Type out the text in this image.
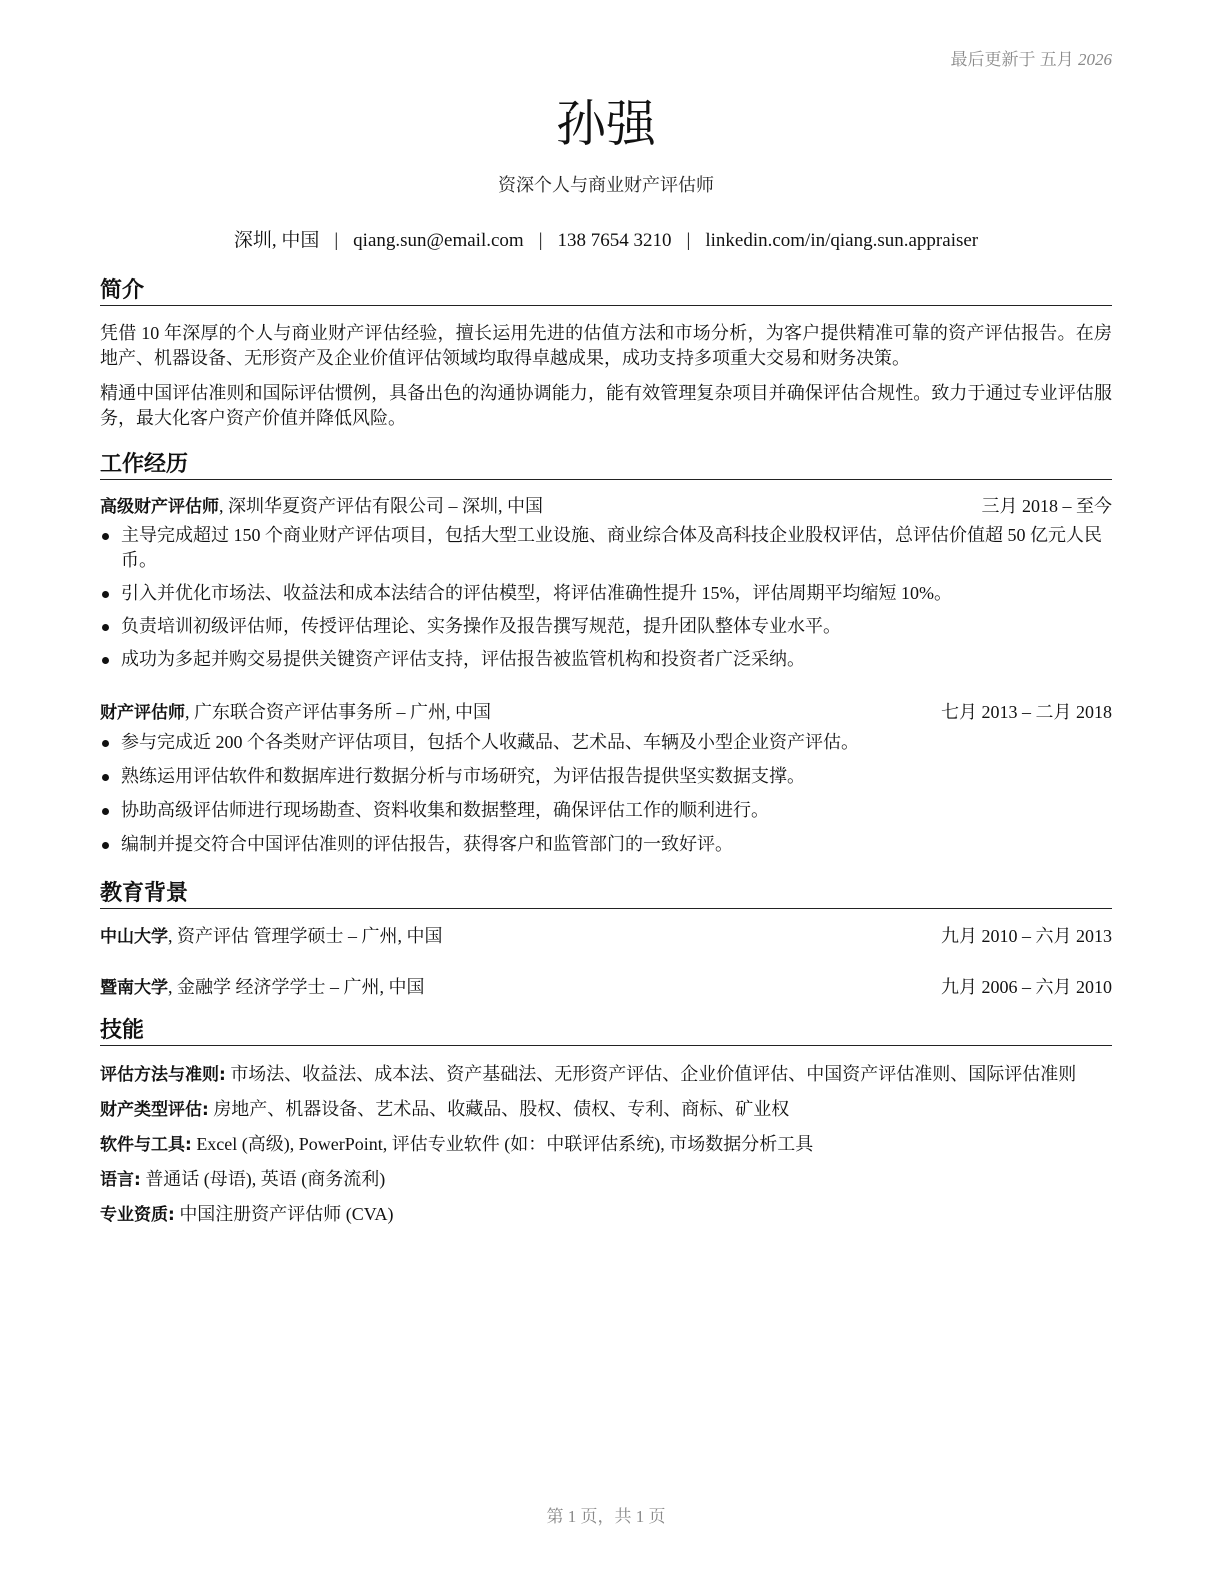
最后更新于 五月 2026
孙强
资深个人与商业财产评估师
深圳, 中国 | qiang.sun@email.com | 138 7654 3210 | linkedin.com/in/qiang.sun.appraiser
简介

凭借 10 年深厚的个人与商业财产评估经验，擅长运用先进的估值方法和市场分析，为客户提供精准可靠的资产评估报告。在房地产、机器设备、无形资产及企业价值评估领域均取得卓越成果，成功支持多项重大交易和财务决策。

精通中国评估准则和国际评估惯例，具备出色的沟通协调能力，能有效管理复杂项目并确保评估合规性。致力于通过专业评估服务，最大化客户资产价值并降低风险。

工作经历
高级财产评估师, 深圳华夏资产评估有限公司 – 深圳, 中国	三月 2018 – 至今
主导完成超过 150 个商业财产评估项目，包括大型工业设施、商业综合体及高科技企业股权评估，总评估价值超 50 亿元人民币。
引入并优化市场法、收益法和成本法结合的评估模型，将评估准确性提升 15%，评估周期平均缩短 10%。
负责培训初级评估师，传授评估理论、实务操作及报告撰写规范，提升团队整体专业水平。
成功为多起并购交易提供关键资产评估支持，评估报告被监管机构和投资者广泛采纳。
财产评估师, 广东联合资产评估事务所 – 广州, 中国	七月 2013 – 二月 2018
参与完成近 200 个各类财产评估项目，包括个人收藏品、艺术品、车辆及小型企业资产评估。
熟练运用评估软件和数据库进行数据分析与市场研究，为评估报告提供坚实数据支撑。
协助高级评估师进行现场勘查、资料收集和数据整理，确保评估工作的顺利进行。
编制并提交符合中国评估准则的评估报告，获得客户和监管部门的一致好评。
教育背景
中山大学, 资产评估 管理学硕士 – 广州, 中国	九月 2010 – 六月 2013
暨南大学, 金融学 经济学学士 – 广州, 中国	九月 2006 – 六月 2010
技能
评估方法与准则: 市场法、收益法、成本法、资产基础法、无形资产评估、企业价值评估、中国资产评估准则、国际评估准则
财产类型评估: 房地产、机器设备、艺术品、收藏品、股权、债权、专利、商标、矿业权
软件与工具: Excel (高级), PowerPoint, 评估专业软件 (如：中联评估系统), 市场数据分析工具
语言: 普通话 (母语), 英语 (商务流利)
专业资质: 中国注册资产评估师 (CVA)
第 1 页，共 1 页
